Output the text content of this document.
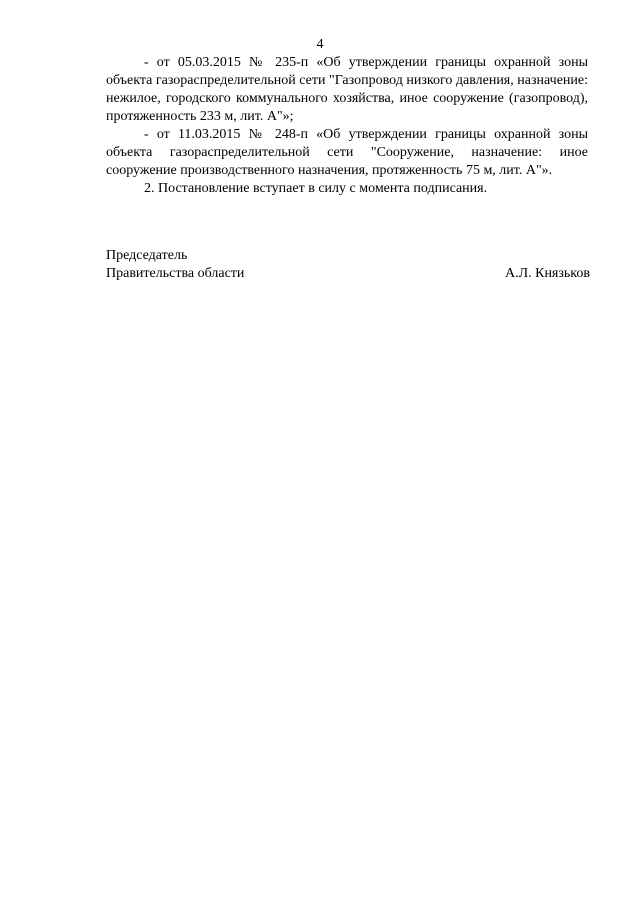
4

- от 05.03.2015 № 235-п «Об утверждении границы охранной зоны объекта газораспределительной сети "Газопровод низкого давления, назначение: нежилое, городского коммунального хозяйства, иное сооружение (газопровод), протяженность 233 м, лит. А"»;

- от 11.03.2015 № 248-п «Об утверждении границы охранной зоны объекта газораспределительной сети "Сооружение, назначение: иное сооружение производственного назначения, протяженность 75 м, лит. А"».

2. Постановление вступает в силу с момента подписания.

Председатель
Правительства области	А.Л. Князьков
